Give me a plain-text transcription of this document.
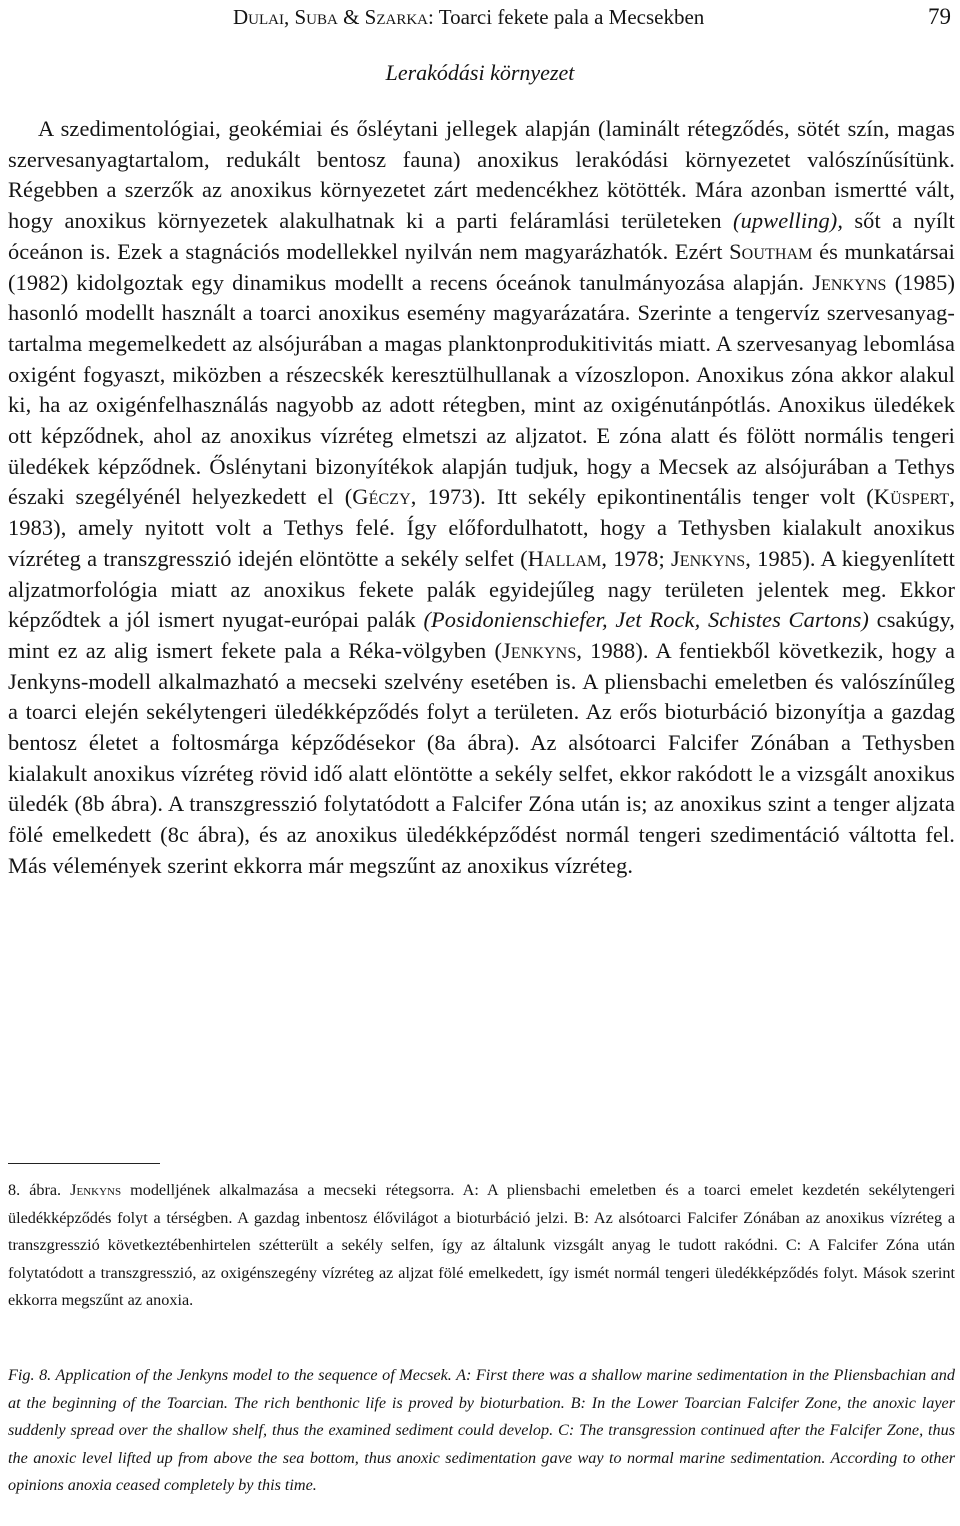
Dulai, Suba & Szarka: Toarci fekete pala a Mecsekben	79
Lerakódási környezet

A szedimentológiai, geokémiai és ősléytani jellegek alapján (laminált rétegződés, sötét szín, magas szervesanyagtartalom, redukált bentosz fauna) anoxikus lerakódási környezetet valószínűsítünk. Régebben a szerzők az anoxikus környezetet zárt medencékhez kötötték. Mára azonban ismertté vált, hogy anoxikus környezetek alakulhatnak ki a parti feláramlási területeken (upwelling), sőt a nyílt óceánon is. Ezek a stagnációs modellekkel nyilván nem magyarázhatók. Ezért Southam és munkatársai (1982) kidolgoztak egy dinamikus modellt a recens óceánok tanulmányozása alapján. Jenkyns (1985) hasonló modellt használt a toarci anoxikus esemény magyarázatára. Szerinte a tengervíz szervesanyag-tartalma megemelkedett az alsójurában a magas planktonprodukitivitás miatt. A szervesanyag lebomlása oxigént fogyaszt, miközben a részecskék keresztülhullanak a vízoszlopon. Anoxikus zóna akkor alakul ki, ha az oxigénfelhasználás nagyobb az adott rétegben, mint az oxigénutánpótlás. Anoxikus üledékek ott képződnek, ahol az anoxikus vízréteg elmetszi az aljzatot. E zóna alatt és fölött normális tengeri üledékek képződnek. Őslénytani bizonyítékok alapján tudjuk, hogy a Mecsek az alsójurában a Tethys északi szegélyénél helyezkedett el (Géczy, 1973). Itt sekély epikontinentális tenger volt (Küspert, 1983), amely nyitott volt a Tethys felé. Így előfordulhatott, hogy a Tethysben kialakult anoxikus vízréteg a transzgresszió idején elöntötte a sekély selfet (Hallam, 1978; Jenkyns, 1985). A kiegyenlített aljzatmorfológia miatt az anoxikus fekete palák egyidejűleg nagy területen jelentek meg. Ekkor képződtek a jól ismert nyugat-európai palák (Posidonienschiefer, Jet Rock, Schistes Cartons) csakúgy, mint ez az alig ismert fekete pala a Réka-völgyben (Jenkyns, 1988). A fentiekből következik, hogy a Jenkyns-modell alkalmazható a mecseki szelvény esetében is. A pliensbachi emeletben és valószínűleg a toarci elején sekélytengeri üledékképződés folyt a területen. Az erős bioturbáció bizonyítja a gazdag bentosz életet a foltosmárga képződésekor (8a ábra). Az alsótoarci Falcifer Zónában a Tethysben kialakult anoxikus vízréteg rövid idő alatt elöntötte a sekély selfet, ekkor rakódott le a vizsgált anoxikus üledék (8b ábra). A transzgresszió folytatódott a Falcifer Zóna után is; az anoxikus szint a tenger aljzata fölé emelkedett (8c ábra), és az anoxikus üledékképződést normál tengeri szedimentáció váltotta fel. Más vélemények szerint ekkorra már megszűnt az anoxikus vízréteg.

8. ábra. Jenkyns modelljének alkalmazása a mecseki rétegsorra. A: A pliensbachi emeletben és a toarci emelet kezdetén sekélytengeri üledékképződés folyt a térségben. A gazdag inbentosz élővilágot a bioturbáció jelzi. B: Az alsótoarci Falcifer Zónában az anoxikus vízréteg a transzgresszió következtébenhirtelen szétterült a sekély selfen, így az általunk vizsgált anyag le tudott rakódni. C: A Falcifer Zóna után folytatódott a transzgresszió, az oxigénszegény vízréteg az aljzat fölé emelkedett, így ismét normál tengeri üledékképződés folyt. Mások szerint ekkorra megszűnt az anoxia.

Fig. 8. Application of the Jenkyns model to the sequence of Mecsek. A: First there was a shallow marine sedimentation in the Pliensbachian and at the beginning of the Toarcian. The rich benthonic life is proved by bioturbation. B: In the Lower Toarcian Falcifer Zone, the anoxic layer suddenly spread over the shallow shelf, thus the examined sediment could develop. C: The transgression continued after the Falcifer Zone, thus the anoxic level lifted up from above the sea bottom, thus anoxic sedimentation gave way to normal marine sedimentation. According to other opinions anoxia ceased completely by this time.
